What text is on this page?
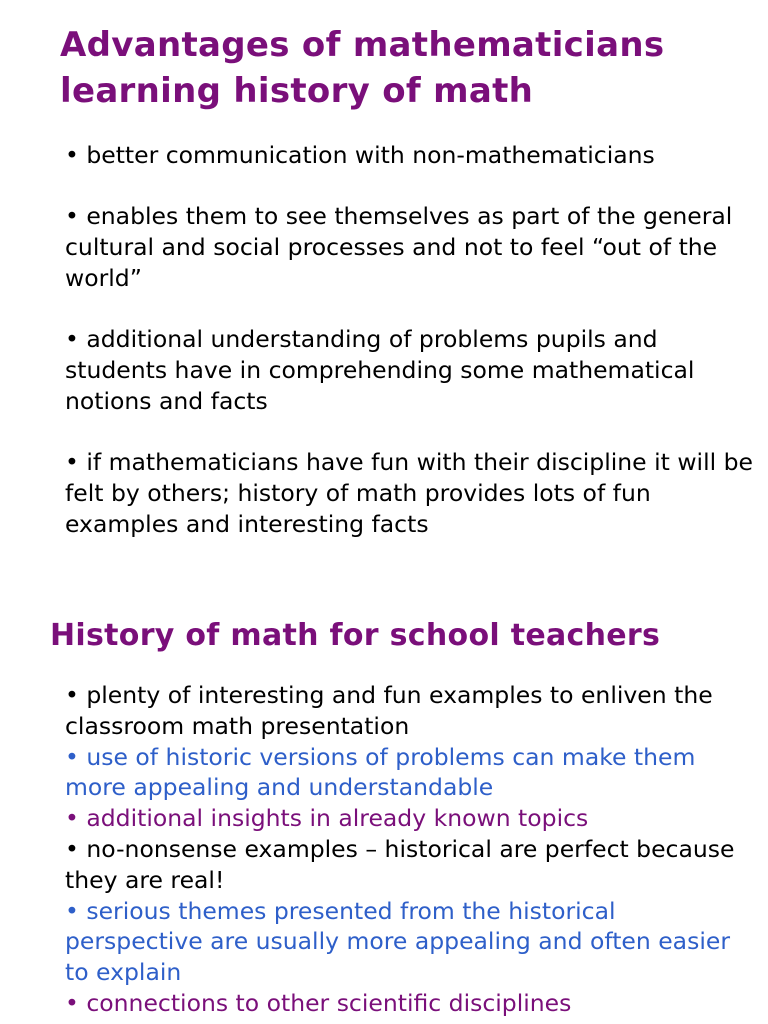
Advantages of mathematicians learning history of math

• better communication with non-mathematicians

• enables them to see themselves as part of the general cultural and social processes and not to feel “out of the world”

• additional understanding of problems pupils and students have in comprehending some mathematical notions and facts

• if mathematicians have fun with their discipline it will be felt by others; history of math provides lots of fun examples and interesting facts

History of math for school teachers
• plenty of interesting and fun examples to enliven the classroom math presentation
• use of historic versions of problems can make them more appealing and understandable
• additional insights in already known topics
• no-nonsense examples – historical are perfect because they are real!
• serious themes presented from the historical perspective are usually more appealing and often easier to explain
• connections to other scientific disciplines
